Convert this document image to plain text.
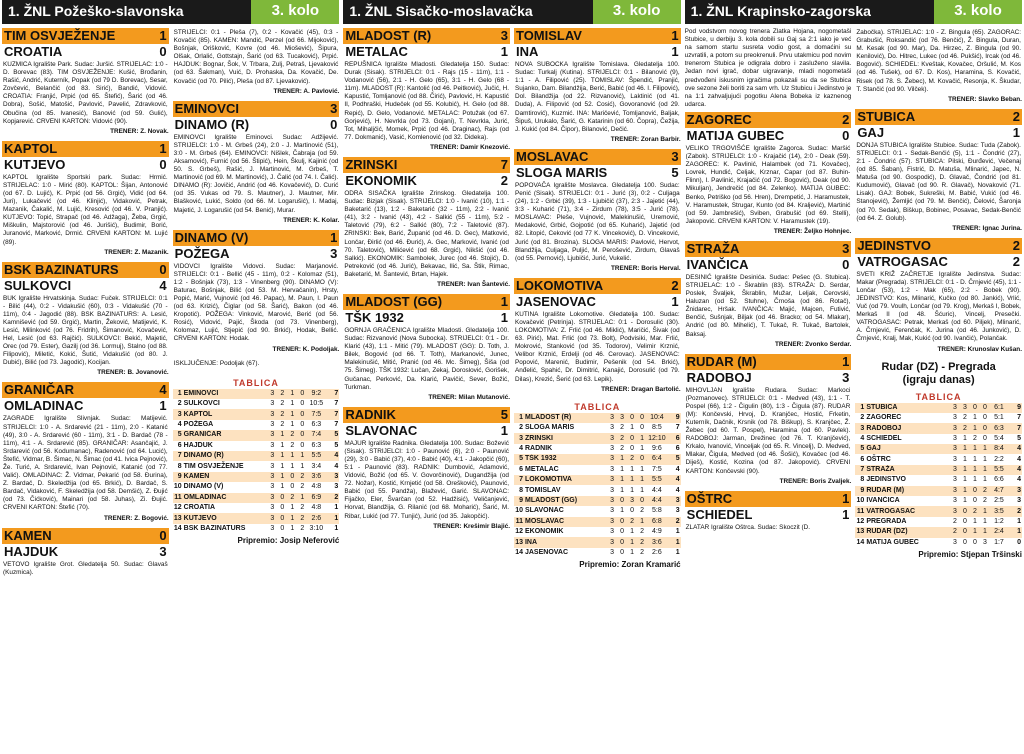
1. ŽNL Požeško-slavonska	3. kolo
TIM OSVJEŽENJE	1
CROATIA	0
KUZMICA Igralište Park. Sudac: Juršić. STRIJELAC: 1:0 - D. Borevac (83). TIM OSVJEŽENJE: Kušić, Brođanin, Rašić, Andrić, Kuterník, Popak (od 79 D. Borevac), Sesar, Zovčević, Belančić (od 83. Sirić), Bandić, Vidović. CROATIA: Franjić, Prpić (od 65. Štefić), Šarić (od 46. Dobra), Sošić, Matošić, Pavlović, Pavelić, Zdravković, Obučina (od 85. Ivanesić), Banović (od 59. Gulić), Kopjarević. CRVENI KARTON: Vidović (90).
TRENER: Z. Novak.
KAPTOL	1
KUTJEVO	0
KAPTOL Igralište Sportski park. Sudac: Hrmić. STRIJELAC: 1:0 - Mirić (80). KAPTOL: Šijan, Antonović (od 67. D. Lujić), K. Prpić (od 56. Grgić), Vidić (od 64. Juri), Lukačević (od 46. Klinjić), Vidaković, Petrak, Mazanik, Čakalić, M. Lujić, Kresović (od 46. V. Pranjić). KUTJEVO: Topić, Strapač (od 46. Adžaga), Žeba, Grgić, Miškulin, Majstorović (od 46. Jurišić), Budimir, Borić, Juranović, Marković, Drmić. CRVENI KARTON: M. Lujić (89).
TRENER: Z. Mazanik.
BSK BAZINATURS	0
SULKOVCI	4
BUK Igralište Hrvatskinja. Sudac: Fuček. STRIJELCI: 0:1 - Bilić (44), 0:2 - Vidakušić (60), 0:3 - Vidakušić (70 - 11m), 0:4 - Jagodić (88). BSK BAZINATURS: A. Lesić, Kamnišević (od 59. Grgić), Martin, Žeković, Matijević, K. Lesić, Milinković (od 76. Fridrih), Šimanović, Kovačević, Hel, Lesić (od 63. Rajčić). SULKOVCI: Bekić, Majetić, Orec (od 79. Ester), Gazilj (od 36. Lormuj), Stalno (od 88. Filipović), Miletić, Kokić, Šutić, Vidakušić (od 80. J. Dubić), Bilić (od 73. Jagodić), Kocijan.
TRENER: B. Jovanović.
GRANIČAR	4
OMLADINAC	1
ZAGRADE Igralište Slivnjak. Sudac: Matijević. STRIJELCI: 1:0 - A. Srdarević (21 - 11m), 2:0 - Katanić (49), 3:0 - A. Srdarević (60 - 11m), 3:1 - D. Bardač (78 - 11m), 4:1 - A. Srdarević (85). GRANIČAR: Asančajić, J. Srdarević (od 56. Kodumanac), Radenović (od 64. Lucić), Štefić, Vidmar, B. Šimac, N. Šimac (od 41. Ivica Pejnović), Že. Turić, A. Srdarević, Ivan Pejnović, Katanić (od 77. Valić). OMLADINAC: Ž. Vidmar, Pekarić (od 58. Đurina), Z. Bardač, D. Skeledžija (od 65. Brkić), D. Bardač, S. Bardač, Vidaković, F. Skeledžija (od 58. Demšić), Z. Đujić (od 73. Čićković), Mainari (od 58. Juhas), Zi. Đujić. CRVENI KARTON: Štefić (70).
TRENER: Z. Bogović.
KAMEN	0
HAJDUK	3
VETOVO Igralište Grot. Gledatelja 50. Sudac: Glavaš (Kuzmica).
STRIJELCI: 0:1 - Pleša (7), 0:2 - Kovačić (45), 0:3 - Kovačić (85). KAMEN: Mandić, Perzel (od 66. Mijoković), Bošnjak, Orišković, Kovre (od 46. Miošević), Šipura, Olšak, Orlalić, Gottstajn, Šarić (od 63. Tucaković), Prpić. HAJDUK: Bognar, Šok, V. Trbara, Zulj, Petraš, Ljevaković (od 63. Šakman), Vuić, D. Prohaska, Da. Kovačić, De. Kovačić (od 70. Pilić), Pleša (od 87. Ljevaković).
TRENER: A. Pavlović.
EMINOVCI	3
DINAMO (R)	0
EMINOVCI Igralište Eminovci. Sudac: Adžijević. STRIJELCI: 1:0 - M. Grbeš (24), 2:0 - J. Martinović (51), 3:0 - M. Grbeš (64). EMINOVCI: Nišlek, Čabraja (od 59. Aksamović), Furnić (od 56. Štipić), Hein, Škulj, Kajinić (od 50. S. Grbeš), Rašić, J. Martinović, M. Grbeš, T. Martinović (od 69. M. Martinović), J. Čalić (od 74. I. Čalić). DINAMO (R): Jovičić, Andrić (od 46. Kovačević), D. Curić (od 35. Vukas od 79. S. Mautner), J. Mautner, Mir. Blašković, Lukić, Soldo (od 66. M. Logarušić), I. Madaj, Majetić, J. Logarušić (od 54. Benić), Murar.
TRENER: K. Kolar.
DINAMO (V)	1
POŽEGA	3
VIDOVCI Igralište Vidovci. Sudac: Marjanović. STRIJELCI: 0:1 - Bellić (45 - 11m), 0:2 - Kolomaz (51), 1:2 - Bošnjak (73), 1:3 - Vinenberg (90). DINAMO (V): Baturac, Bošnjak, Bilić (od 53. M. Hervačanin), Hrsty, Popić, Marić, Vujnović (od 46. Papac), M. Paun, I. Paun (od 63. Krizić), Čiglar (od 58. Šarić), Bakon (od 46. Kropotić). POŽEGA: Vinković, Marović, Berić (od 56. Rosić), Vidović, Pajić, Škoda (od 73. Vinenberg), Kolomaz, Lujić, Stjepić (od 90. Brkić), Hodak, Bellić. CRVENI KARTON: Hodak.
TRENER: K. Podoljak.
ISKLJUČENJE: Podoljak (67).
TABLICA
1	EMINOVCI	3	2	1	0	9:2	7
2	SULKOVCI	3	2	1	0	10:5	7
3	KAPTOL	3	2	1	0	7:5	7
4	POŽEGA	3	2	1	0	6:3	7
5	GRANIČAR	3	1	2	0	7:4	5
6	HAJDUK	3	1	2	0	6:3	5
7	DINAMO (R)	3	1	1	1	5:5	4
8	TIM OSVJEŽENJE	3	1	1	1	3:4	4
9	KAMEN	3	1	0	2	3:6	3
10	DINAMO (V)	3	1	0	2	4:8	3
11	OMLADINAC	3	0	2	1	6:9	2
12	CROATIA	3	0	1	2	4:8	1
13	KUTJEVO	3	0	1	2	2:6	1
14	BSK BAZINATURS	3	0	1	2	3:10	1
Pripremio: Josip Neferović
1. ŽNL Sisačko-moslavačka	3. kolo
MLADOST (R)	3
METALAC	1
REPUŠNICA Igralište Mladosti. Gledatelja 150. Sudac: Durak (Sisak). STRIJELCI: 0:1 - Rajs (15 - 11m), 1:1 - Vodanović (56), 2:1 - H. Gelo (65), 3:1 - H. Gelo (68 - 11m). MLADOST (R): Kantolić (od 46. Peitković), Jučić, H. Kapustić, Tomljanović (od 88. Čirić), Pavlović, H. Kapustić II, Podhraški, Hudeček (od 55. Kolubić), H. Gelo (od 88. Repić), D. Gelo, Vodanović. METALAC: Potužak (od 67. Gorjević), H. Nevrkla (od 73. Gojani), T. Nevrkla, Jurić, Tot, Mihaljčić, Momek, Prpić (od 46. Draginac), Rajs (od 77. Dokmanić), Vasić, Komlenović (od 32. Dideka).
TRENER: Damir Knezović.
ZRINSKI	7
EKONOMIK	2
ODRA SISAČKA Igralište Zrinskog. Gledatelja 100. Sudac: Bizjak (Sisak). STRIJELCI: 1:0 - Ivanić (10), 1:1 - Baketarić (13), 1:2 - Baketarić (32 - 11m), 2:2 - Ivanić (41), 3:2 - Ivanić (43), 4:2 - Salkić (55 - 11m), 5:2 - Taletović (79), 6:2 - Salkić (80), 7:2 - Taletović (87). ZRINSKI: Bek, Barić, Županić (od 46. D. Gec), Matković, Lončar, Đirlić (od 46. Đurić), A. Gec, Marković, Ivanić (od 70. Taletović), Milićević (od 68. Grgić), Nikšić (od 46. Salkić). EKONOMIK: Sambolek, Jurec (od 46. Stojić), D. Petreković (od 46. Jurić), Bekavac, Ilić, Sa. Štik, Rimac, Baketarić, M. Šantević, Brtan, Hajek.
TRENER: Ivan Šantević.
MLADOST (GG)	1
TŠK 1932	1
GORNJA GRAČENICA Igralište Mladosti. Gledatelja 100. Sudac: Rizvanović (Nova Subocka). STRIJELCI: 0:1 - Dr. Klarić (43), 1:1 - Mitić (79). MLADOST (GG): D. Toth, J. Bilek, Bogović (od 66. T. Toth), Markanović, Junec, Malekinušić, Mitić, Pranić (od 46. Mc. Šimeg), Šiša (od 75. Šimeg). TŠK 1932: Lučan, Zekaj, Doroslović, Gorišek, Gučanac, Perković, Da. Klarić, Pavičić, Sever, Božić, Turkman.
TRENER: Milan Mutanović.
RADNIK	5
SLAVONAC	1
MAJUR Igralište Radnika. Gledatelja 100. Sudac: Božević (Sisak). STRIJELCI: 1:0 - Paunović (6), 2:0 - Paunović (29), 3:0 - Babić (37), 4:0 - Babić (40), 4:1 - Jakopčić (60), 5:1 - Paunović (83). RADNIK: Dumbović, Adamović, Vidović, Božić (od 65. V. Govorčinović), Dugandžija (od 72. Nožar), Kostić, Krnjetić (od 58. Orešković), Paunović, Babić (od 55. Pandža), Blažević, Garić. SLAVONAC: Fijačko, Eler, Švarčan (od 52. Hadžisić), Veličanjević, Horvat, Blandžija, G. Rilanić (od 68. Moharić), Šarić, M. Ribar, Lukić (od 77. Tunjić), Jurić (od 35. Jakopčić).
TRENER: Krešimir Blajić.
TOMISLAV	1
INA	1
NOVA SUBOCKA Igralište Tomislava. Gledatelja 100. Sudac: Turkalj (Kutina). STRIJELCI: 0:1 - Bilanović (9), 1:1 - A. Filipović (25). TOMISLAV: Špendić, Pranjić, Sujanko, Dam. Bilandžija, Berić, Babić (od 46. I. Filipović), Dol. Bilandžija (od 22. Rizvanović), Laktinić (od 41. Duda), A. Filipović (od 52. Cosić), Govoranović (od 29. Damtirović), Kuzmić. INA: Maričević, Tomljanović, Baljak, Šipuš, Urukalo, Šarić, G. Katarinin (od 60. Čopra), Čežija, J. Kukić (od 84. Čipor), Bilanović, Dečić.
TRENER: Zoran Barbir.
MOSLAVAC	3
SLOGA MARIS	5
POPOVAČA Igralište Moslavca. Gledatelja 100. Sudac: Penić (Sisak). STRIJELCI: 0:1 - Jurić (3), 0:2 - Culjaga (24), 1:2 - Grbić (39), 1:3 - Ljubičić (37), 2:3 - Jajetić (44), 3:3 - Kuharić (71), 3:4 - Zirdum (78), 3:5 - Jurić (78). MOSLAVAC: Pleše, Vujnović, Malekinušić, Uremović, Medaković, Grbić, Gojpotić (od 65. Kuharić), Jajetić (od 82. Litopić, Ceković (od 77 K. Vinceković), D. Vinceković, Jurić (od 81. Brozina). SLOGA MARIS: Pavlović, Hervot, Blandžija, Culjaga, Puljić, M. Perošević, Zirdum, Glavaš (od 55. Pernović), Ljubičić, Jurić, Vukelić.
TRENER: Boris Herval.
LOKOMOTIVA	2
JASENOVAC	1
KUTINA Igralište Lokomotive. Gledatelja 100. Sudac: Kovačević (Petrinja). STRIJELAC: 0:1 - Dorosulić (30). LOKOMOTIVA: Z. Frlić (od 46. Miklić), Maričić, Šivak (od 63. Pirić), Mat. Frlić (od 73. Bolt), Podvisiki, Mar. Frlić, Mokrović, Stanković (od 35. Todorov), Velimir Krznić, Velibor Krznić, Erdelji (od 46. Cerovac). JASENOVAC: Popović, Marenić, Budimir, Pešenik (od 54. Brkić), Anđelić, Spahić, Dr. Dimitrić, Kanajić, Dorosulić (od 79. Dilas), Krezić, Šerić (od 63. Lepik).
TRENER: Dragan Bartolić.
TABLICA
1	MLADOST (R)	3	3	0	0	10:4	9
2	SLOGA MARIS	3	2	1	0	8:5	7
3	ZRINSKI	3	2	0	1	12:10	6
4	RADNIK	3	2	0	1	9:6	6
5	TŠK 1932	3	1	2	0	6:4	5
6	METALAC	3	1	1	1	7:5	4
7	LOKOMOTIVA	3	1	1	1	5:5	4
8	TOMISLAV	3	1	1	1	4:4	4
9	MLADOST (GG)	3	0	3	0	4:4	3
10	SLAVONAC	3	1	0	2	5:8	3
11	MOSLAVAC	3	0	2	1	6:8	2
12	EKONOMIK	3	0	1	2	4:9	1
13	INA	3	0	1	2	3:6	1
14	JASENOVAC	3	0	1	2	2:6	1
Pripremio: Zoran Kramarić
1. ŽNL Krapinsko-zagorska	3. kolo
Pod vodstvom novog trenera Zlatka Hojana, nogometaši Stubice, u derbiju 3. kola dobili su Gaj sa 2:1 iako je već na samom startu susreta vodio gost, a domaćini su uzvratili, a potom su preokrenuli. Prvu utakmicu pod novim trenerom Stubica je odigrala dobro i zasluženo slavila. Jedan novi igrač, dobar uigravanje, mladi nogometaši predvođeni iskusnim igračima pokazali su da se Stubica ove sezone želi boriti za sam vrh. Uz Stubicu i Jedinstvo je na 1:1 zahvaljujući pogotku Alena Bobeka iz kaznenog udarca.
ZAGOREC	2
MATIJA GUBEC	0
VELIKO TRGOVIŠĆE Igralište Zagorca. Sudac: Maršić (Zabok). STRIJELCI: 1:0 - Krajačić (14), 2:0 - Deak (59). ZAGOREC: K. Pavlinić, Halambek (od 71. Kovačec), Lovrek, Hundić, Celjak, Krznar, Capar (od 87. Buhin-Flinn), I. Pavlinić, Krajačić (od 72. Bogović), Deak (od 90. Mikuljan), Jendrečić (od 84. Zelenko). MATIJA GUBEC: Benko, Petriško (od 56. Hren), Drempetić, J. Haramustek, V. Haramustek, Strugar, Kunto (od 84. Kraljević), Martinić (od 59. Jambrešić), Sviben, Grabušić (od 69. Stelli), Jakopović. CRVENI KARTON: V. Haramustek (19).
TRENER: Željko Hohnjec.
STRAŽA	3
IVANČICA	0
DESINIĆ Igralište Desinića. Sudac: Pešec (G. Stubica). STRIJELAC: 1:0 - Škrablin (83). STRAŽA: D. Serdar, Poslek, Švaljek, Škrablin, Mužar, Leljak, Cerovski, Haluzan (od 52. Stuhne), Črnoša (od 86. Rotač), Žnidarec, Hršak. IVANČICA: Majić, Majcen, Futivić, Benčić, Sušnjak, Biljak (od 46. Bracko; od 54. Mlakar), Andrić (od 80. Mihelić), T. Tukač, R. Tukač, Bartolek, Baksaj.
TRENER: Zvonko Serdar.
RUDAR (M)	1
RADOBOJ	3
MIHOVLJAN Igralište Rudara. Sudac: Markoci (Pozmanovec). STRIJELCI: 0:1 - Medved (43), 1:1 - T. Pospel (66), 1:2 - Čigulin (80), 1:3 - Čigula (87). RUDAR (M): Končevski, Hrvoj, D. Kranjčec, Hostić, Frketin, Kuterník, Dačnik, Krsnik (od 78. Biškup), S. Kranjčec, Ž. Žebec (od 60. T. Pospel), Haramina (od 60. Pavlek). RADOBOJ: Jarman, Drežinec (od 76. T. Kranjčević), Krkalo, Ivanović, Vinceljak (od 65. R. Vincelj), D. Medved, Mlakar, Čigula, Medved (od 46. Šošić), Kovačec (od 46. Diješ), Kostić, Kozina (od 87. Jakopović). CRVENI KARTON: Končevski (90).
TRENER: Boris Zvaljek.
OŠTRC	1
SCHIEDEL	1
ZLATAR Igralište Oštrca. Sudac: Skoczit (D.
Zabočka). STRIJELAC: 1:0 - Z. Bingula (65). ZAGORAC: Grabušić, Roksandić (od 76. Benčić), Ž. Bingula, Duran, M. Kesak (od 90. Mar), Da. Hirzec, Z. Bingula (od 90. Kenilović), Do. Hitrec, Lukec (od 46. Pukšić), Ircak (od 46. Bogović). SCHIEDEL: Kveštak, Kovačec, Oršulić, M. Kos (od 46. Tušek), od 67. D. Kos), Haramina, S. Kovačić, Risek (od 78. S. Žebec), M. Kovačić, Resonja, K. Škudar, T. Stančić (od 90. Vilček).
TRENER: Slavko Beban.
STUBICA	2
GAJ	1
DONJA STUBICA Igralište Stubice. Sudac: Tuda (Zabok). STRIJELCI: 0:1 - Sedak-Benčić (5), 1:1 - Čondrić (27), 2:1 - Čondrić (57). STUBICA: Pilski, Đurđević, Večenaj (od 85. Šaban), Fistrić, D. Matuša, Mlinarić, Japec, N. Matuša (od 90. Gospodić), D. Glavač, Čondrić (od 81. Kudumović), Glavač (od 90. R. Glavač), Novaković (71. Lisak). GAJ: Bobek, Sukreški, M. Babić, Vukić (od 46. Stanojević), Žemljić (od 79. M. Benčić), Čelović, Šaronja (od 70. Sedak), Biškup, Bobinec, Posavac, Sedak-Benčić (od 64. Z. Golub).
TRENER: Ignac Jurina.
JEDINSTVO	2
VATROGASAC	2
SVETI KRIŽ ZAČRETJE Igralište Jedinstva. Sudac: Makar (Pregrada). STRIJELCI: 0:1 - D. Črnjević (45), 1:1 - Lončar (53), 1:2 - Mak (65), 2:2 - Bobek (90). JEDINSTVO: Kos, Mlinarić, Kučko (od 80. Jankić), Vrlić, Vuč (od 79. Voulh, Lončar (od 79. Krog), Merkaš I, Bobek, Merkaš II (od 48. Šćuric), Vincelj, Presečki. VATROGASAC: Petrak, Merkaš (od 60. Piljek), Mlinarić, A. Črnjević, Ferenčak, K. Jurina (od 46. Junković), D. Črnjević, Kralj, Mak, Kukić (od 90. Ivančić), Polančak.
TRENER: Krunoslav Kušan.
Rudar (DZ) - Pregrada
(igraju danas)
TABLICA
1	STUBICA	3	3	0	0	6:1	9
2	ZAGOREC	3	2	1	0	5:1	7
3	RADOBOJ	3	2	1	0	6:3	7
4	SCHIEDEL	3	1	2	0	5:4	5
5	GAJ	3	1	1	1	8:4	4
6	OŠTRC	3	1	1	1	2:2	4
7	STRAŽA	3	1	1	1	5:5	4
8	JEDINSTVO	3	1	1	1	6:6	4
9	RUDAR (M)	3	1	0	2	4:7	3
10	IVANČICA	3	1	0	2	2:5	3
11	VATROGASAC	3	0	2	1	3:5	2
12	PREGRADA	2	0	1	1	1:2	1
13	RUDAR (DZ)	2	0	1	1	2:4	1
14	MATIJA GUBEC	3	0	0	3	1:7	0
Pripremio: Stjepan Tršinski
